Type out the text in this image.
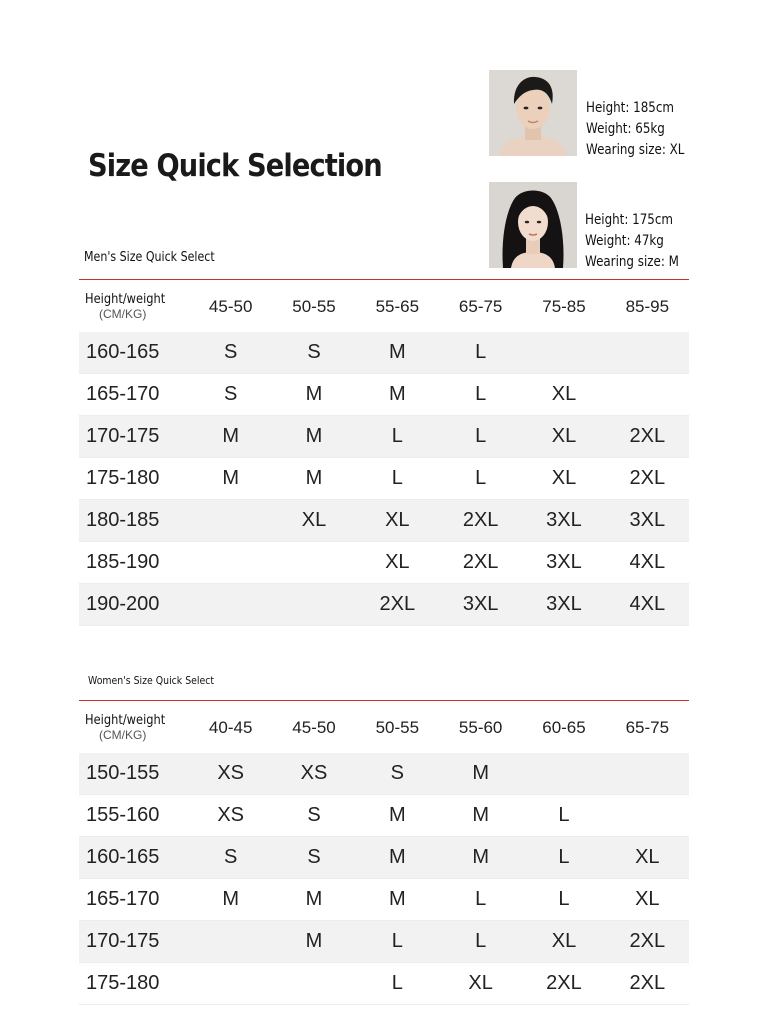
Size Quick Selection
Height: 185cm
Weight: 65kg
Wearing size: XL
Height: 175cm
Weight: 47kg
Wearing size: M
Men's Size Quick Select
Height/weight
(CM/KG)	45-50	50-55	55-65	65-75	75-85	85-95
160-165	S	S	M	L		
165-170	S	M	M	L	XL	
170-175	M	M	L	L	XL	2XL
175-180	M	M	L	L	XL	2XL
180-185		XL	XL	2XL	3XL	3XL
185-190			XL	2XL	3XL	4XL
190-200			2XL	3XL	3XL	4XL
Women's Size Quick Select
Height/weight
(CM/KG)	40-45	45-50	50-55	55-60	60-65	65-75
150-155	XS	XS	S	M		
155-160	XS	S	M	M	L	
160-165	S	S	M	M	L	XL
165-170	M	M	M	L	L	XL
170-175		M	L	L	XL	2XL
175-180			L	XL	2XL	2XL
